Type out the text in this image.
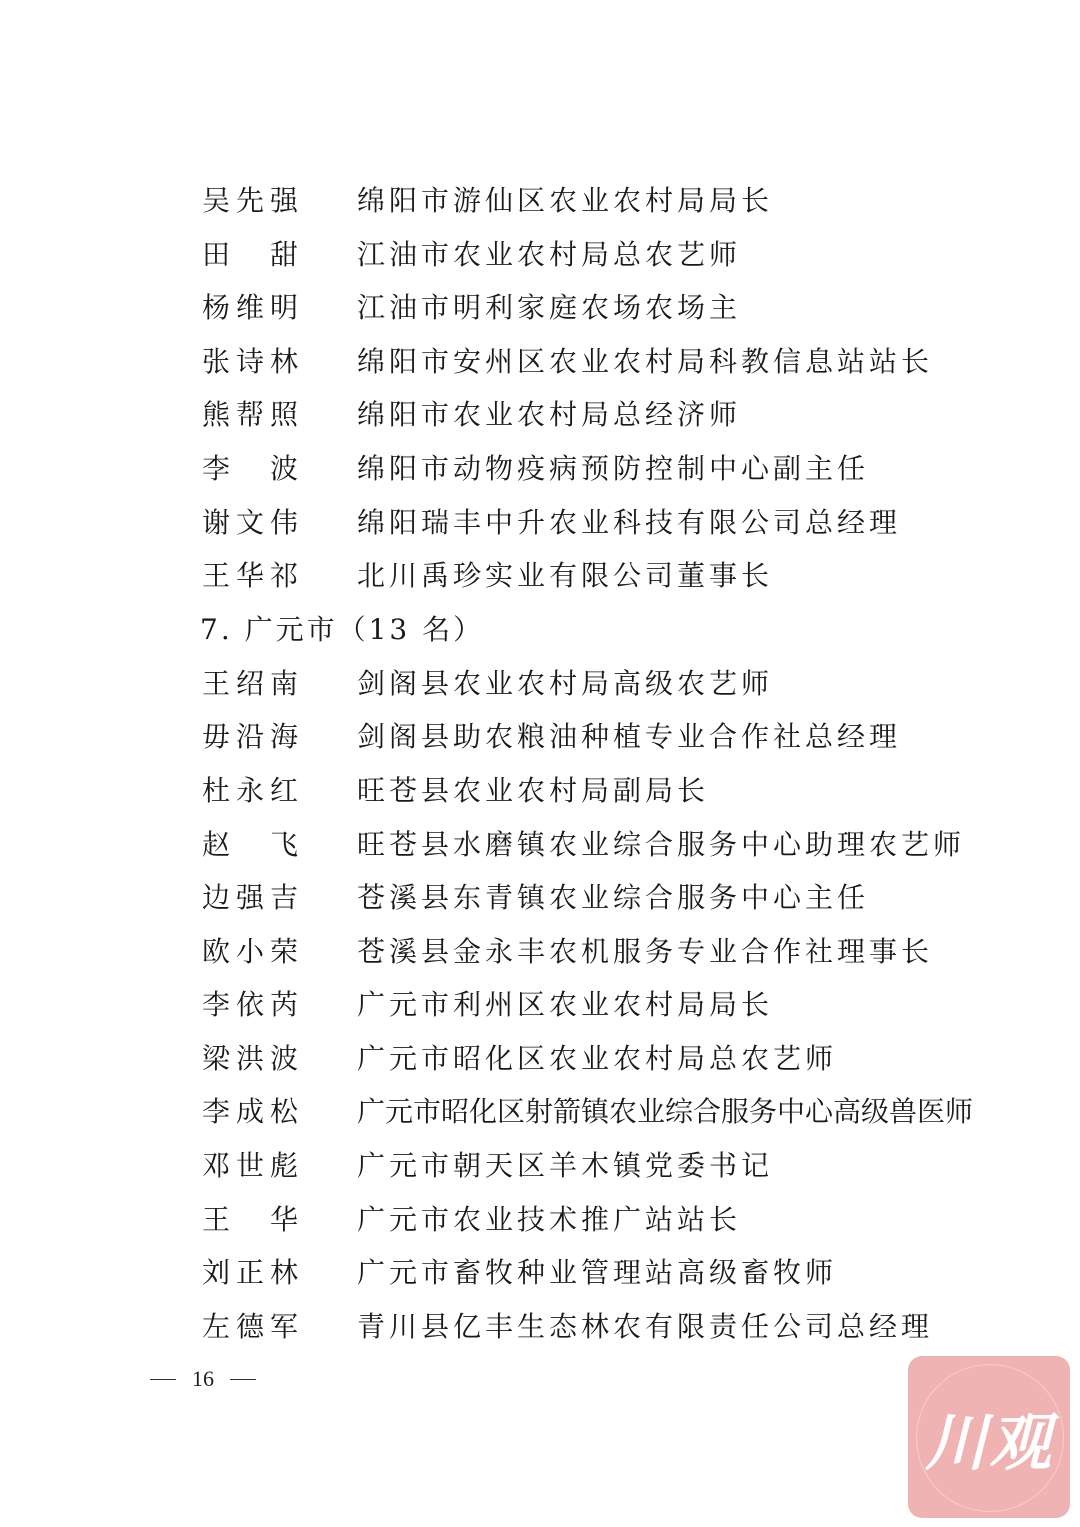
吴先强 绵阳市游仙区农业农村局局长
田　甜 江油市农业农村局总农艺师
杨维明 江油市明利家庭农场农场主
张诗林 绵阳市安州区农业农村局科教信息站站长
熊帮照 绵阳市农业农村局总经济师
李　波 绵阳市动物疫病预防控制中心副主任
谢文伟 绵阳瑞丰中升农业科技有限公司总经理
王华祁 北川禹珍实业有限公司董事长
7. 广元市（13 名）
王绍南 剑阁县农业农村局高级农艺师
毋沿海 剑阁县助农粮油种植专业合作社总经理
杜永红 旺苍县农业农村局副局长
赵　飞 旺苍县水磨镇农业综合服务中心助理农艺师
边强吉 苍溪县东青镇农业综合服务中心主任
欧小荣 苍溪县金永丰农机服务专业合作社理事长
李依芮 广元市利州区农业农村局局长
梁洪波 广元市昭化区农业农村局总农艺师
李成松 广元市昭化区射箭镇农业综合服务中心高级兽医师
邓世彪 广元市朝天区羊木镇党委书记
王　华 广元市农业技术推广站站长
刘正林 广元市畜牧种业管理站高级畜牧师
左德军 青川县亿丰生态林农有限责任公司总经理
16
川观
